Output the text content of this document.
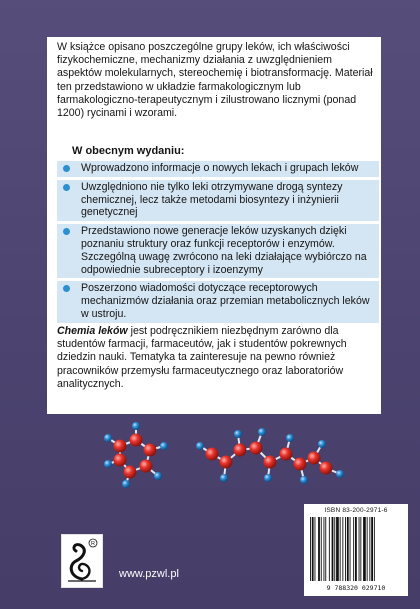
W książce opisano poszczególne grupy leków, ich właściwości fizykochemiczne, mechanizmy działania z uwzględnieniem aspektów molekularnych, stereochemię i biotransformację. Materiał ten przedstawiono w układzie farmakologicznym lub farmakologiczno-terapeutycznym i zilustrowano licznymi (ponad 1200) rycinami i wzorami.

W obecnym wydaniu:

Wprowadzono informacje o nowych lekach i grupach leków
Uwzględniono nie tylko leki otrzymywane drogą syntezy chemicznej, lecz także metodami biosyntezy i inżynierii genetycznej
Przedstawiono nowe generacje leków uzyskanych dzięki poznaniu struktury oraz funkcji receptorów i enzymów. Szczególną uwagę zwrócono na leki działające wybiórczo na odpowiednie subreceptory i izoenzymy
Poszerzono wiadomości dotyczące receptorowych mechanizmów działania oraz przemian metabolicznych leków w ustroju.

Chemia leków jest podręcznikiem niezbędnym zarówno dla studentów farmacji, farmaceutów, jak i studentów pokrewnych dziedzin nauki. Tematyka ta zainteresuje na pewno również pracowników przemysłu farmaceutycznego oraz laboratoriów analitycznych.

R
www.pzwl.pl
ISBN 83-200-2971-6
9 788320 029710
